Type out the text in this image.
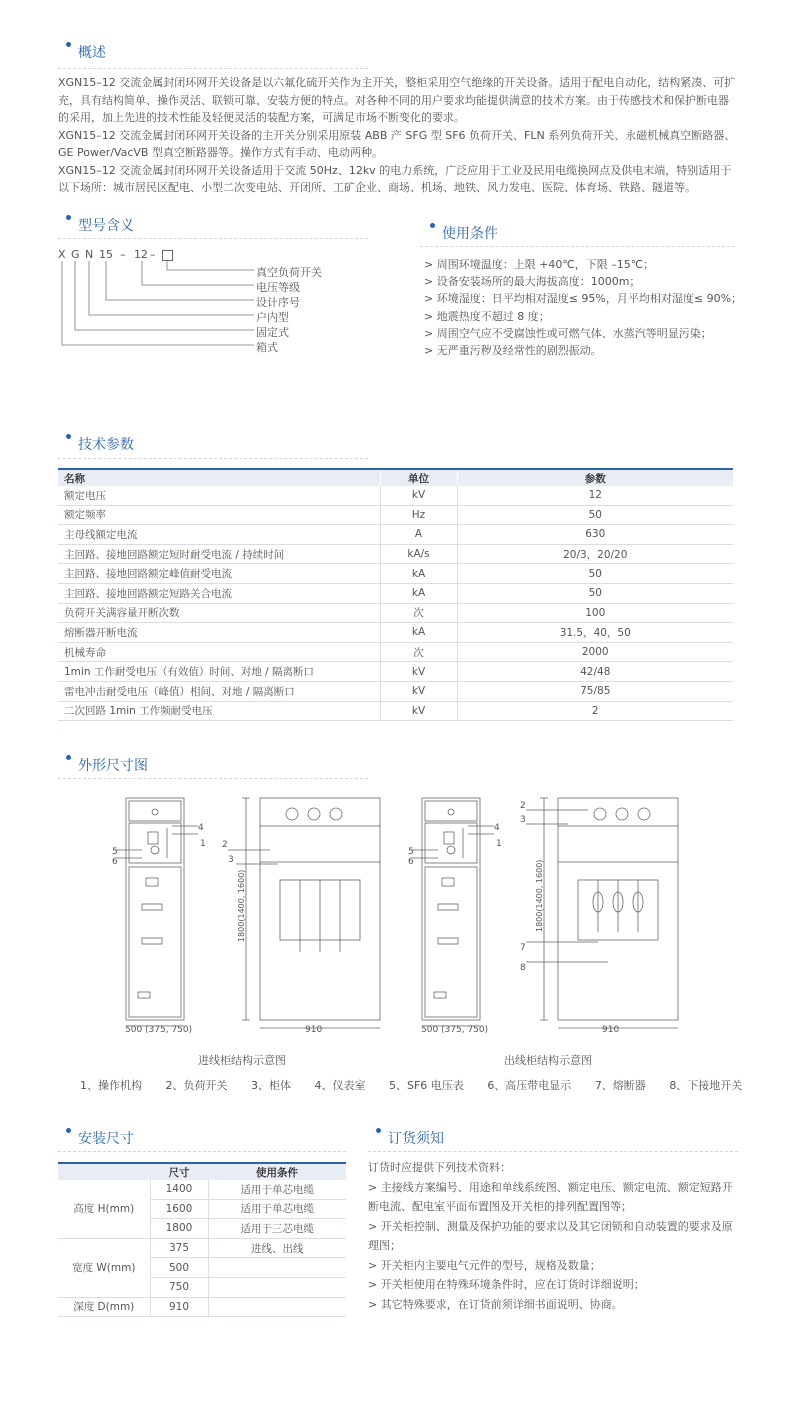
概述

XGN15–12 交流金属封闭环网开关设备是以六氟化硫开关作为主开关，整柜采用空气绝缘的开关设备。适用于配电自动化，结构紧凑、可扩充，具有结构简单、操作灵活、联锁可靠、安装方便的特点。对各种不同的用户要求均能提供满意的技术方案。由于传感技术和保护断电器的采用，加上先进的技术性能及轻便灵活的装配方案，可满足市场不断变化的要求。

XGN15–12 交流金属封闭环网开关设备的主开关分别采用原装 ABB 产 SFG 型 SF6 负荷开关、FLN 系列负荷开关、永磁机械真空断路器、GE Power/VacVB 型真空断路器等。操作方式有手动、电动两种。

XGN15–12 交流金属封闭环网开关设备适用于交流 50Hz、12kv 的电力系统，广泛应用于工业及民用电缆换网点及供电末端，特别适用于以下场所：城市居民区配电、小型二次变电站、开闭所、工矿企业、商场、机场、地铁、风力发电、医院、体育场、铁路、隧道等。

型号含义
X G N 15 – 12 –
真空负荷开关
电压等级
设计序号
户内型
固定式
箱式
使用条件
> 周围环境温度：上限 +40℃，下限 –15℃；
> 设备安装场所的最大海拔高度：1000m；
> 环境湿度：日平均相对湿度≤ 95%，月平均相对湿度≤ 90%；
> 地震热度不超过 8 度；
> 周围空气应不受腐蚀性或可燃气体、水蒸汽等明显污染；
> 无严重污秽及经常性的剧烈振动。
技术参数
名称	单位	参数
额定电压	kV	12
额定频率	Hz	50
主母线额定电流	A	630
主回路、接地回路额定短时耐受电流 / 持续时间	kA/s	20/3，20/20
主回路、接地回路额定峰值耐受电流	kA	50
主回路、接地回路额定短路关合电流	kA	50
负荷开关满容量开断次数	次	100
熔断器开断电流	kA	31.5，40，50
机械寿命	次	2000
1min 工作耐受电压（有效值）时间、对地 / 隔离断口	kV	42/48
雷电冲击耐受电压（峰值）相间、对地 / 隔离断口	kV	75/85
二次回路 1min 工作频耐受电压	kV	2
外形尺寸图
5
6
4
1
500 (375, 750)
2
3
1800(1400, 1600)
910
5
6
4
1
500 (375, 750)
2
3
7
8
1800(1400, 1600)
910
进线柜结构示意图	出线柜结构示意图
1、操作机构 2、负荷开关 3、柜体 4、仪表室 5、SF6 电压表 6、高压带电显示 7、熔断器 8、下接地开关
安装尺寸
	尺寸	使用条件
高度 H(mm)	1400	适用于单芯电缆
	1600	适用于单芯电缆
	1800	适用于三芯电缆
宽度 W(mm)	375	进线、出线
	500	
	750	
深度 D(mm)	910	
订货须知
订货时应提供下列技术资料：
> 主接线方案编号、用途和单线系统图、额定电压、额定电流、额定短路开断电流、配电室平面布置图及开关柜的排列配置图等；
> 开关柜控制、测量及保护功能的要求以及其它闭锁和自动装置的要求及原理图；
> 开关柜内主要电气元件的型号，规格及数量；
> 开关柜使用在特殊环境条件时，应在订货时详细说明；
> 其它特殊要求，在订货前须详细书面说明、协商。
